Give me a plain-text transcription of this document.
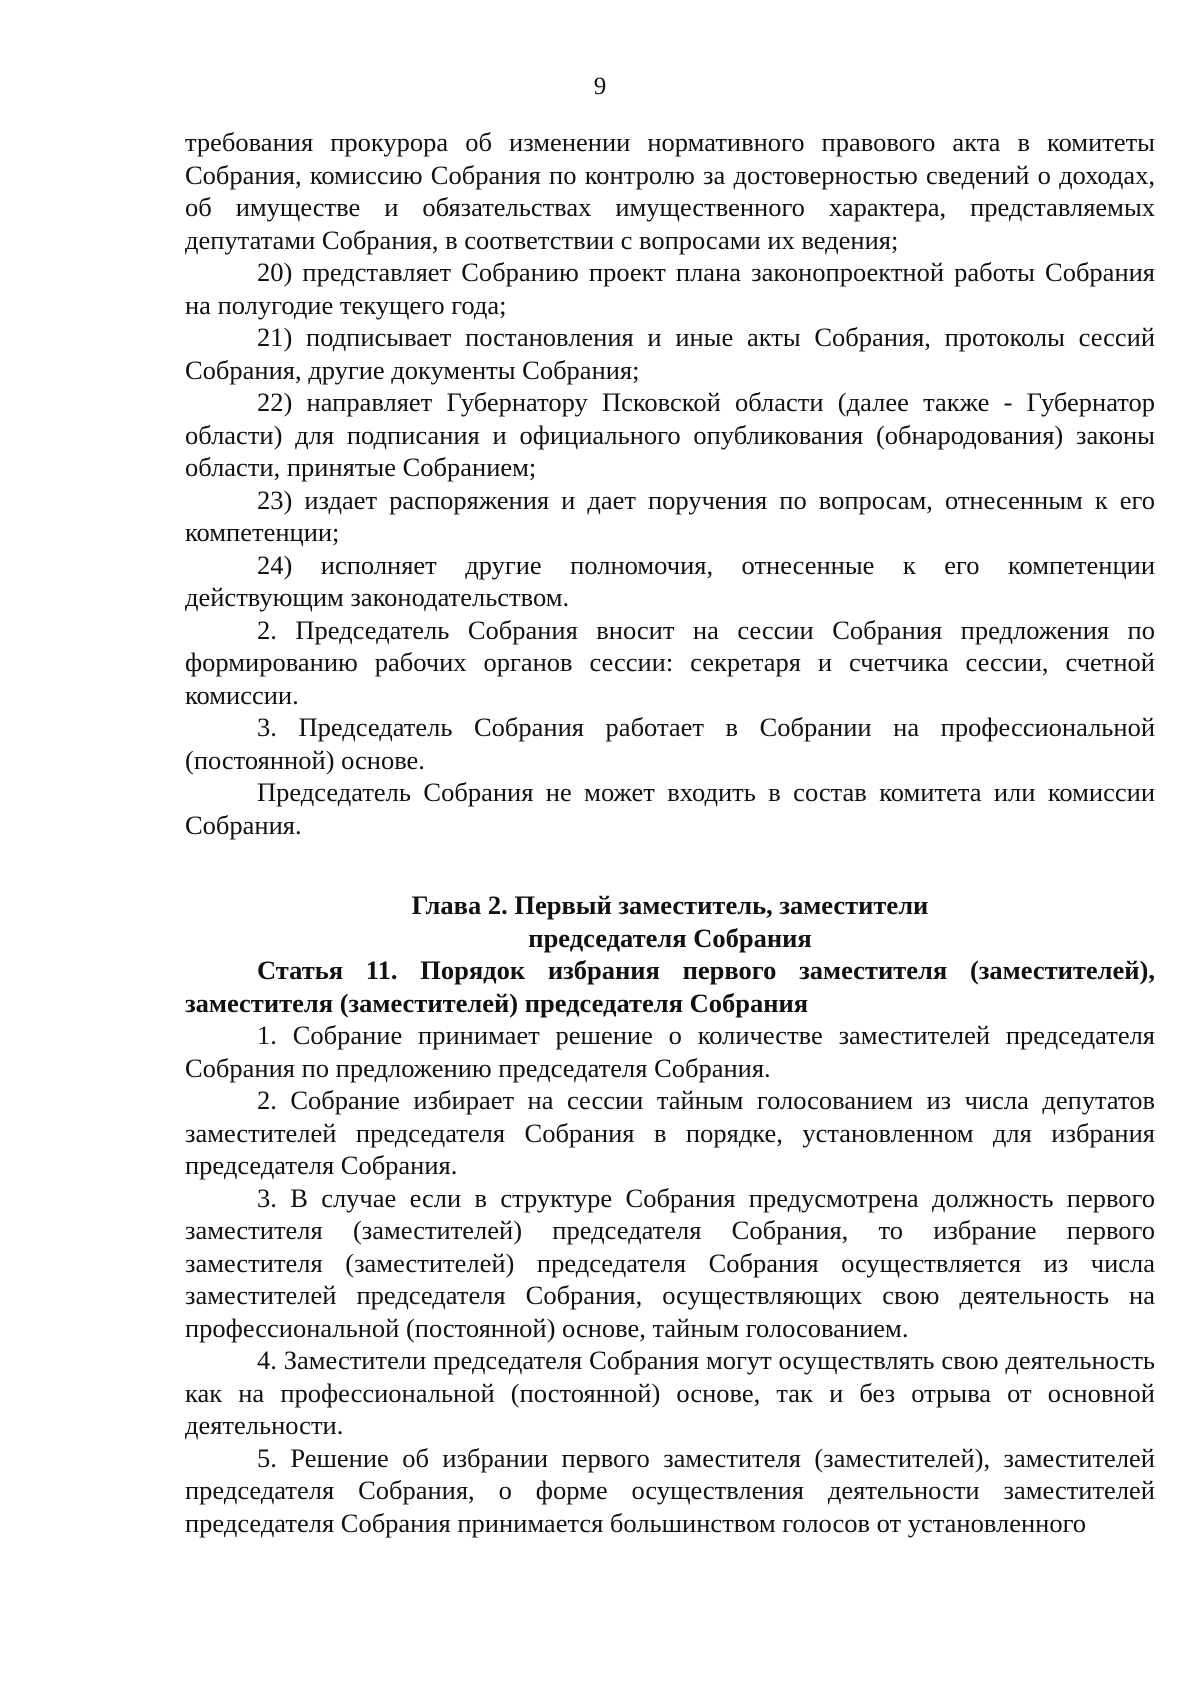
9

требования прокурора об изменении нормативного правового акта в комитеты Собрания, комиссию Собрания по контролю за достоверностью сведений о доходах, об имуществе и обязательствах имущественного характера, представляемых депутатами Собрания, в соответствии с вопросами их ведения;

20) представляет Собранию проект плана законопроектной работы Собрания на полугодие текущего года;

21) подписывает постановления и иные акты Собрания, протоколы сессий Собрания, другие документы Собрания;

22) направляет Губернатору Псковской области (далее также - Губернатор области) для подписания и официального опубликования (обнародования) законы области, принятые Собранием;

23) издает распоряжения и дает поручения по вопросам, отнесенным к его компетенции;

24) исполняет другие полномочия, отнесенные к его компетенции действующим законодательством.

2. Председатель Собрания вносит на сессии Собрания предложения по формированию рабочих органов сессии: секретаря и счетчика сессии, счетной комиссии.

3. Председатель Собрания работает в Собрании на профессиональной (постоянной) основе.

Председатель Собрания не может входить в состав комитета или комиссии Собрания.

Глава 2. Первый заместитель, заместители
председателя Собрания

Статья 11. Порядок избрания первого заместителя (заместителей), заместителя (заместителей) председателя Собрания

1. Собрание принимает решение о количестве заместителей председателя Собрания по предложению председателя Собрания.

2. Собрание избирает на сессии тайным голосованием из числа депутатов заместителей председателя Собрания в порядке, установленном для избрания председателя Собрания.

3. В случае если в структуре Собрания предусмотрена должность первого заместителя (заместителей) председателя Собрания, то избрание первого заместителя (заместителей) председателя Собрания осуществляется из числа заместителей председателя Собрания, осуществляющих свою деятельность на профессиональной (постоянной) основе, тайным голосованием.

4. Заместители председателя Собрания могут осуществлять свою деятельность как на профессиональной (постоянной) основе, так и без отрыва от основной деятельности.

5. Решение об избрании первого заместителя (заместителей), заместителей председателя Собрания, о форме осуществления деятельности заместителей председателя Собрания принимается большинством голосов от установленного
